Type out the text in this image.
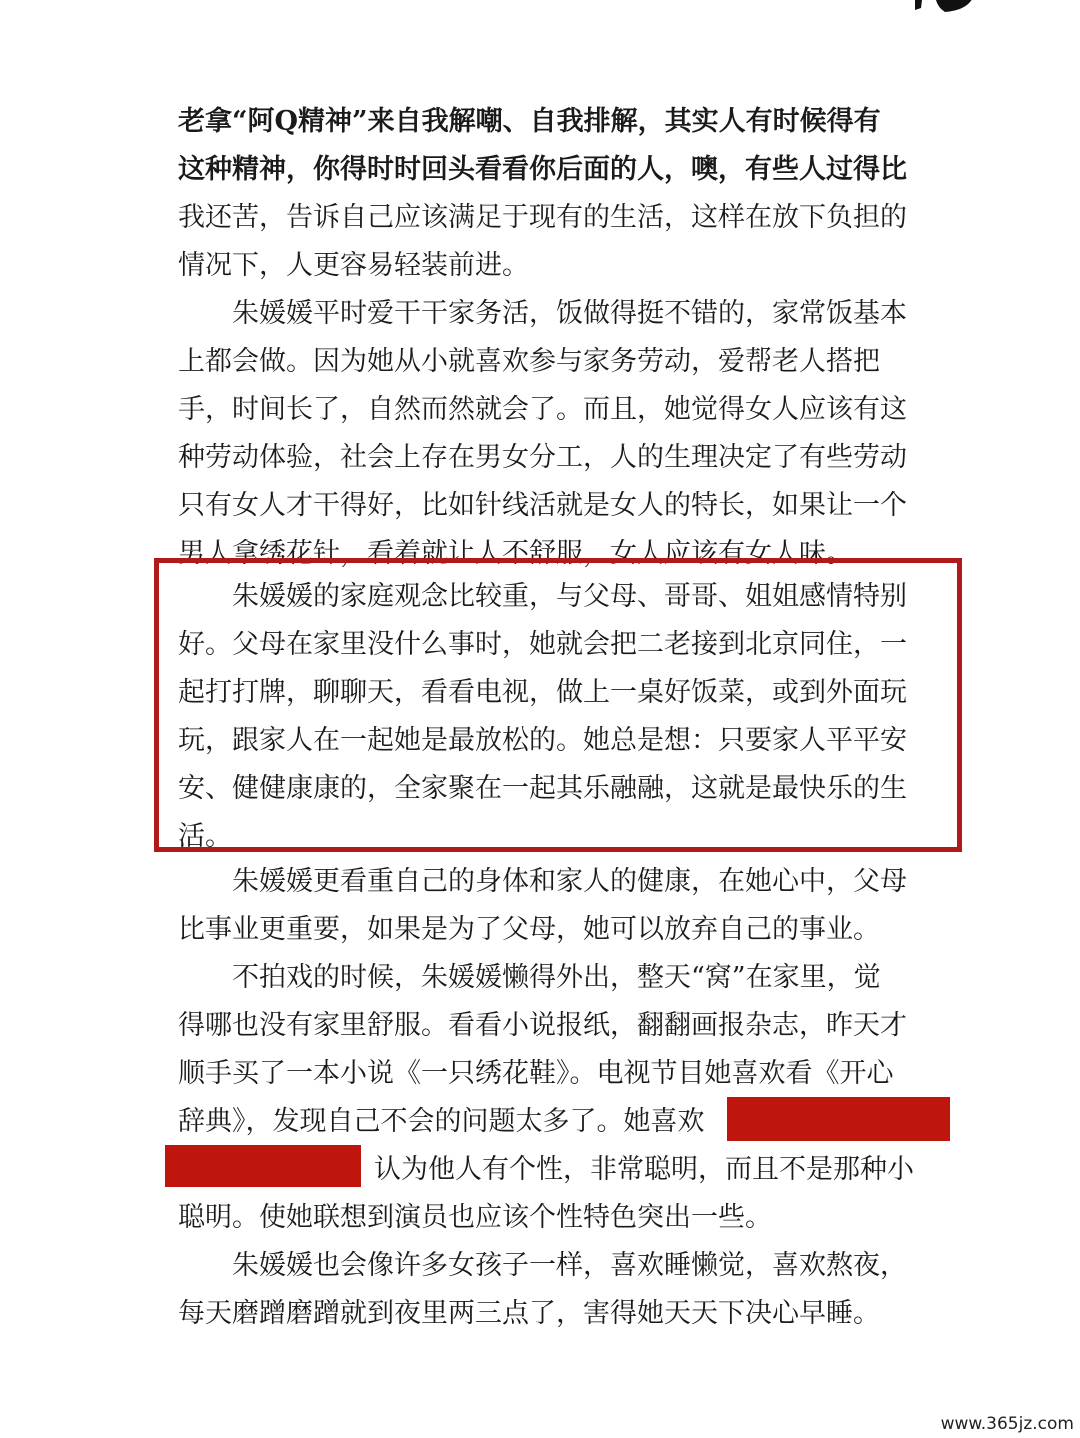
老拿“阿Q精神”来自我解嘲、自我排解，其实人有时候得有
这种精神，你得时时回头看看你后面的人，噢，有些人过得比
我还苦，告诉自己应该满足于现有的生活，这样在放下负担的
情况下，人更容易轻装前进。
朱媛媛平时爱干干家务活，饭做得挺不错的，家常饭基本
上都会做。因为她从小就喜欢参与家务劳动，爱帮老人搭把
手，时间长了，自然而然就会了。而且，她觉得女人应该有这
种劳动体验，社会上存在男女分工，人的生理决定了有些劳动
只有女人才干得好，比如针线活就是女人的特长，如果让一个
男人拿绣花针，看着就让人不舒服，女人应该有女人味。
朱媛媛的家庭观念比较重，与父母、哥哥、姐姐感情特别
好。父母在家里没什么事时，她就会把二老接到北京同住，一
起打打牌，聊聊天，看看电视，做上一桌好饭菜，或到外面玩
玩，跟家人在一起她是最放松的。她总是想：只要家人平平安
安、健健康康的，全家聚在一起其乐融融，这就是最快乐的生
活。
朱媛媛更看重自己的身体和家人的健康，在她心中，父母
比事业更重要，如果是为了父母，她可以放弃自己的事业。
不拍戏的时候，朱媛媛懒得外出，整天“窝”在家里，觉
得哪也没有家里舒服。看看小说报纸，翻翻画报杂志，昨天才
顺手买了一本小说《一只绣花鞋》。电视节目她喜欢看《开心
辞典》，发现自己不会的问题太多了。她喜欢
认为他人有个性，非常聪明，而且不是那种小
聪明。使她联想到演员也应该个性特色突出一些。
朱媛媛也会像许多女孩子一样，喜欢睡懒觉，喜欢熬夜，
每天磨蹭磨蹭就到夜里两三点了，害得她天天下决心早睡。
www.365jz.com
